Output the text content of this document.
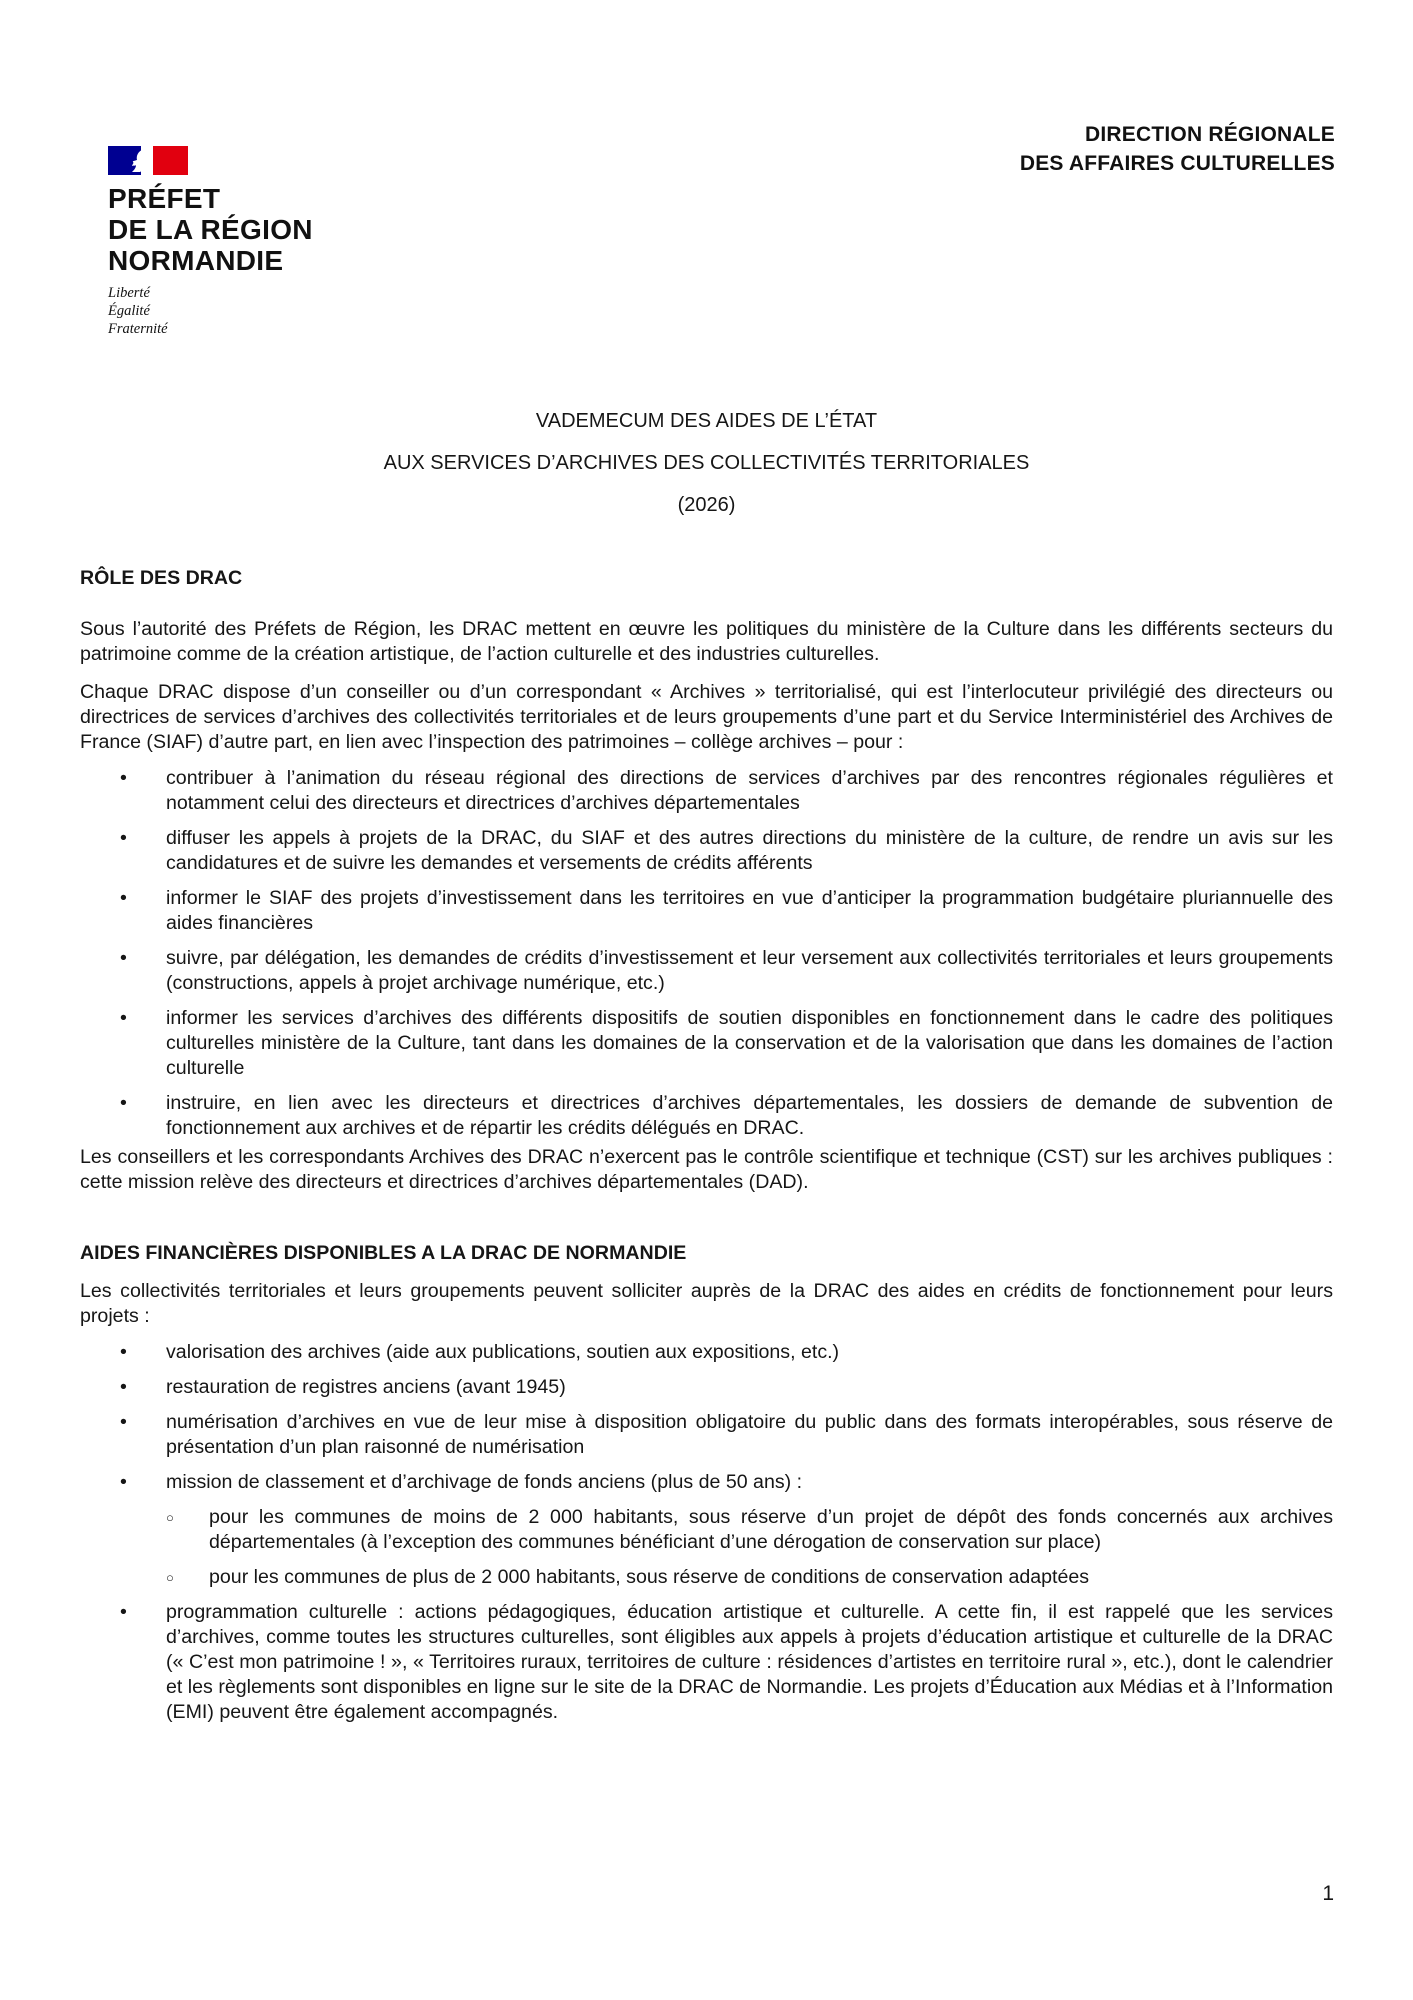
PRÉFET
DE LA RÉGION
NORMANDIE
Liberté
Égalité
Fraternité
DIRECTION RÉGIONALE
DES AFFAIRES CULTURELLES
VADEMECUM DES AIDES DE L’ÉTAT
AUX SERVICES D’ARCHIVES DES COLLECTIVITÉS TERRITORIALES
(2026)
RÔLE DES DRAC

Sous l’autorité des Préfets de Région, les DRAC mettent en œuvre les politiques du ministère de la Culture dans les différents secteurs du patrimoine comme de la création artistique, de l’action culturelle et des industries culturelles.

Chaque DRAC dispose d’un conseiller ou d’un correspondant « Archives » territorialisé, qui est l’interlocuteur privilégié des directeurs ou directrices de services d’archives des collectivités territoriales et de leurs groupements d’une part et du Service Interministériel des Archives de France (SIAF) d’autre part, en lien avec l’inspection des patrimoines – collège archives – pour :

• contribuer à l’animation du réseau régional des directions de services d’archives par des rencontres régionales régulières et notamment celui des directeurs et directrices d’archives départementales
• diffuser les appels à projets de la DRAC, du SIAF et des autres directions du ministère de la culture, de rendre un avis sur les candidatures et de suivre les demandes et versements de crédits afférents
• informer le SIAF des projets d’investissement dans les territoires en vue d’anticiper la programmation budgétaire pluriannuelle des aides financières
• suivre, par délégation, les demandes de crédits d’investissement et leur versement aux collectivités territoriales et leurs groupements (constructions, appels à projet archivage numérique, etc.)
• informer les services d’archives des différents dispositifs de soutien disponibles en fonctionnement dans le cadre des politiques culturelles ministère de la Culture, tant dans les domaines de la conservation et de la valorisation que dans les domaines de l’action culturelle
• instruire, en lien avec les directeurs et directrices d’archives départementales, les dossiers de demande de subvention de fonctionnement aux archives et de répartir les crédits délégués en DRAC.

Les conseillers et les correspondants Archives des DRAC n’exercent pas le contrôle scientifique et technique (CST) sur les archives publiques : cette mission relève des directeurs et directrices d’archives départementales (DAD).

AIDES FINANCIÈRES DISPONIBLES A LA DRAC DE NORMANDIE

Les collectivités territoriales et leurs groupements peuvent solliciter auprès de la DRAC des aides en crédits de fonctionnement pour leurs projets :

• valorisation des archives (aide aux publications, soutien aux expositions, etc.)
• restauration de registres anciens (avant 1945)
• numérisation d’archives en vue de leur mise à disposition obligatoire du public dans des formats interopérables, sous réserve de présentation d’un plan raisonné de numérisation
• mission de classement et d’archivage de fonds anciens (plus de 50 ans) :
○ pour les communes de moins de 2 000 habitants, sous réserve d’un projet de dépôt des fonds concernés aux archives départementales (à l’exception des communes bénéficiant d’une dérogation de conservation sur place)
○ pour les communes de plus de 2 000 habitants, sous réserve de conditions de conservation adaptées
• programmation culturelle : actions pédagogiques, éducation artistique et culturelle. A cette fin, il est rappelé que les services d’archives, comme toutes les structures culturelles, sont éligibles aux appels à projets d’éducation artistique et culturelle de la DRAC (« C’est mon patrimoine ! », « Territoires ruraux, territoires de culture : résidences d’artistes en territoire rural », etc.), dont le calendrier et les règlements sont disponibles en ligne sur le site de la DRAC de Normandie. Les projets d’Éducation aux Médias et à l’Information (EMI) peuvent être également accompagnés.
1
